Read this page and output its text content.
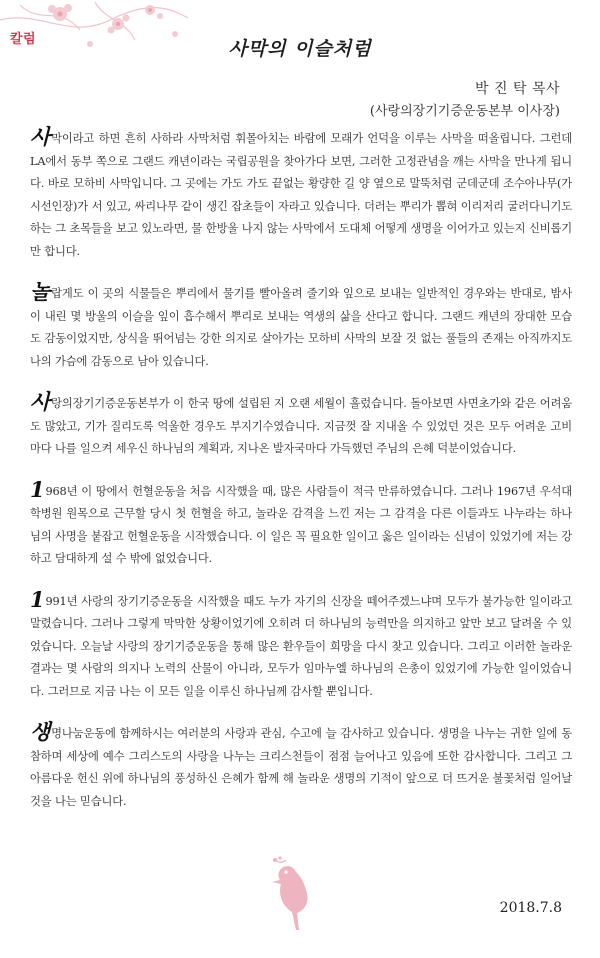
칼럼	사막의 이슬처럼
박 진 탁 목사
(사랑의장기기증운동본부 이사장)

사막이라고 하면 흔히 사하라 사막처럼 휘몰아치는 바람에 모래가 언덕을 이루는 사막을 떠올립니다. 그런데 LA에서 동부 쪽으로 그랜드 캐년이라는 국립공원을 찾아가다 보면, 그러한 고정관념을 깨는 사막을 만나게 됩니다. 바로 모하비 사막입니다. 그 곳에는 가도 가도 끝없는 황량한 길 양 옆으로 말뚝처럼 군데군데 조수아나무(가시선인장)가 서 있고, 싸리나무 같이 생긴 잡초들이 자라고 있습니다. 더러는 뿌리가 뽑혀 이리저리 굴러다니기도 하는 그 초목들을 보고 있노라면, 물 한방울 나지 않는 사막에서 도대체 어떻게 생명을 이어가고 있는지 신비롭기만 합니다.

놀랍게도 이 곳의 식물들은 뿌리에서 물기를 빨아올려 줄기와 잎으로 보내는 일반적인 경우와는 반대로, 밤사이 내린 몇 방울의 이슬을 잎이 흡수해서 뿌리로 보내는 역생의 삶을 산다고 합니다. 그랜드 캐년의 장대한 모습도 감동이었지만, 상식을 뛰어넘는 강한 의지로 살아가는 모하비 사막의 보잘 것 없는 풀들의 존재는 아직까지도 나의 가슴에 감동으로 남아 있습니다.

사랑의장기기증운동본부가 이 한국 땅에 설립된 지 오랜 세월이 흘렀습니다. 돌아보면 사면초가와 같은 어려움도 많았고, 기가 질리도록 억울한 경우도 부지기수였습니다. 지금껏 잘 지내올 수 있었던 것은 모두 어려운 고비마다 나를 일으켜 세우신 하나님의 계획과, 지나온 발자국마다 가득했던 주님의 은혜 덕분이었습니다.

1968년 이 땅에서 헌혈운동을 처음 시작했을 때, 많은 사람들이 적극 만류하였습니다. 그러나 1967년 우석대학병원 원목으로 근무할 당시 첫 헌혈을 하고, 놀라운 감격을 느낀 저는 그 감격을 다른 이들과도 나누라는 하나님의 사명을 붙잡고 헌혈운동을 시작했습니다. 이 일은 꼭 필요한 일이고 옳은 일이라는 신념이 있었기에 저는 강하고 담대하게 설 수 밖에 없었습니다.

1991년 사랑의 장기기증운동을 시작했을 때도 누가 자기의 신장을 떼어주겠느냐며 모두가 불가능한 일이라고 말렸습니다. 그러나 그렇게 막막한 상황이었기에 오히려 더 하나님의 능력만을 의지하고 앞만 보고 달려올 수 있었습니다. 오늘날 사랑의 장기기증운동을 통해 많은 환우들이 희망을 다시 찾고 있습니다. 그리고 이러한 놀라운 결과는 몇 사람의 의지나 노력의 산물이 아니라, 모두가 임마누엘 하나님의 은총이 있었기에 가능한 일이었습니다. 그러므로 지금 나는 이 모든 일을 이루신 하나님께 감사할 뿐입니다.

생명나눔운동에 함께하시는 여러분의 사랑과 관심, 수고에 늘 감사하고 있습니다. 생명을 나누는 귀한 일에 동참하며 세상에 예수 그리스도의 사랑을 나누는 크리스천들이 점점 늘어나고 있음에 또한 감사합니다. 그리고 그 아름다운 헌신 위에 하나님의 풍성하신 은혜가 함께 해 놀라운 생명의 기적이 앞으로 더 뜨거운 불꽃처럼 일어날 것을 나는 믿습니다.

2018.7.8
